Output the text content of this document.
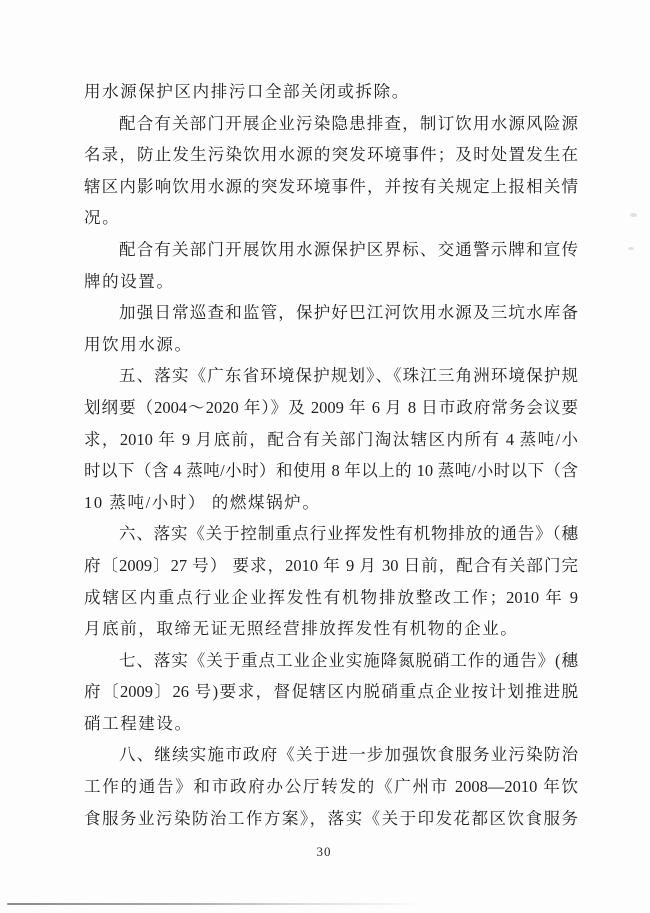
用水源保护区内排污口全部关闭或拆除。
配合有关部门开展企业污染隐患排查，制订饮用水源风险源
名录，防止发生污染饮用水源的突发环境事件；及时处置发生在
辖区内影响饮用水源的突发环境事件，并按有关规定上报相关情
况。
配合有关部门开展饮用水源保护区界标、交通警示牌和宣传
牌的设置。
加强日常巡查和监管，保护好巴江河饮用水源及三坑水库备
用饮用水源。
五、落实《广东省环境保护规划》、《珠江三角洲环境保护规
划纲要（2004～2020 年）》及 2009 年 6 月 8 日市政府常务会议要
求，2010 年 9 月底前，配合有关部门淘汰辖区内所有 4 蒸吨/小
时以下（含 4 蒸吨/小时）和使用 8 年以上的 10 蒸吨/小时以下（含
10 蒸吨/小时） 的燃煤锅炉。
六、落实《关于控制重点行业挥发性有机物排放的通告》（穗
府〔2009〕27 号） 要求，2010 年 9 月 30 日前，配合有关部门完
成辖区内重点行业企业挥发性有机物排放整改工作；2010 年 9
月底前，取缔无证无照经营排放挥发性有机物的企业。
七、落实《关于重点工业企业实施降氮脱硝工作的通告》(穗
府〔2009〕26 号)要求，督促辖区内脱硝重点企业按计划推进脱
硝工程建设。
八、继续实施市政府《关于进一步加强饮食服务业污染防治
工作的通告》和市政府办公厅转发的《广州市 2008—2010 年饮
食服务业污染防治工作方案》，落实《关于印发花都区饮食服务
30
